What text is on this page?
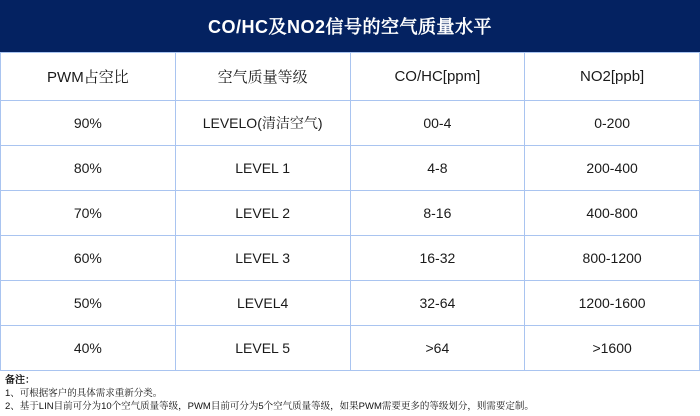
CO/HC及NO2信号的空气质量水平
PWM占空比	空气质量等级	CO/HC[ppm]	NO2[ppb]
90%	LEVELO(清洁空气)	00-4	0-200
80%	LEVEL 1	4-8	200-400
70%	LEVEL 2	8-16	400-800
60%	LEVEL 3	16-32	800-1200
50%	LEVEL4	32-64	1200-1600
40%	LEVEL 5	>64	>1600
备注：
1、可根据客户的具体需求重新分类。
2、基于LIN目前可分为10个空气质量等级，PWM目前可分为5个空气质量等级，如果PWM需要更多的等级划分，则需要定制。
